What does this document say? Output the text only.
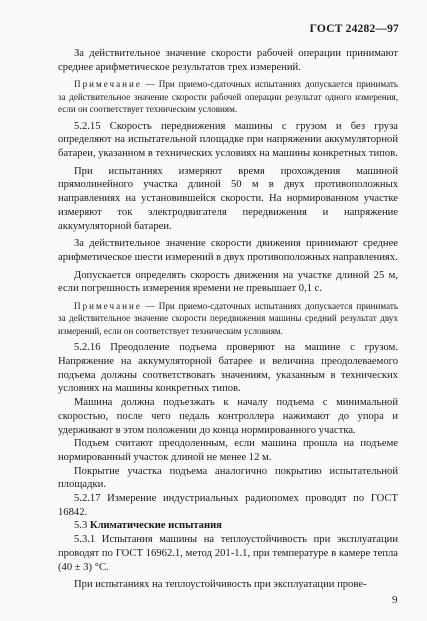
ГОСТ 24282—97

За действительное значение скорости рабочей операции принимают среднее арифметическое результатов трех измерений.

Примечание — При приемо-сдаточных испытаниях допускается принимать за действительное значение скорости рабочей операции результат одного измерения, если он соответствует техническим условиям.

5.2.15 Скорость передвижения машины с грузом и без груза определяют на испытательной площадке при напряжении аккумуляторной батареи, указанном в технических условиях на машины конкретных типов.

При испытаниях измеряют время прохождения машиной прямолинейного участка длиной 50 м в двух противоположных направлениях на установившейся скорости. На нормированном участке измеряют ток электродвигателя передвижения и напряжение аккумуляторной батареи.

За действительное значение скорости движения принимают среднее арифметическое шести измерений в двух противоположных направлениях.

Допускается определять скорость движения на участке длиной 25 м, если погрешность измерения времени не превышает 0,1 с.

Примечание — При приемо-сдаточных испытаниях допускается принимать за действительное значение скорости передвижения машины средний результат двух измерений, если он соответствует техническим условиям.

5.2.16 Преодоление подъема проверяют на машине с грузом. Напряжение на аккумуляторной батарее и величина преодолеваемого подъема должны соответствовать значениям, указанным в технических условиях на машины конкретных типов.

Машина должна подъезжать к началу подъема с минимальной скоростью, после чего педаль контроллера нажимают до упора и удерживают в этом положении до конца нормированного участка.

Подъем считают преодоленным, если машина прошла на подъеме нормированный участок длиной не менее 12 м.

Покрытие участка подъема аналогично покрытию испытательной площадки.

5.2.17 Измерение индустриальных радиопомех проводят по ГОСТ 16842.

5.3 Климатические испытания

5.3.1 Испытания машины на теплоустойчивость при эксплуатации проводят по ГОСТ 16962.1, метод 201-1.1, при температуре в камере тепла (40 ± 3) °С.

При испытаниях на теплоустойчивость при эксплуатации прове-

9
